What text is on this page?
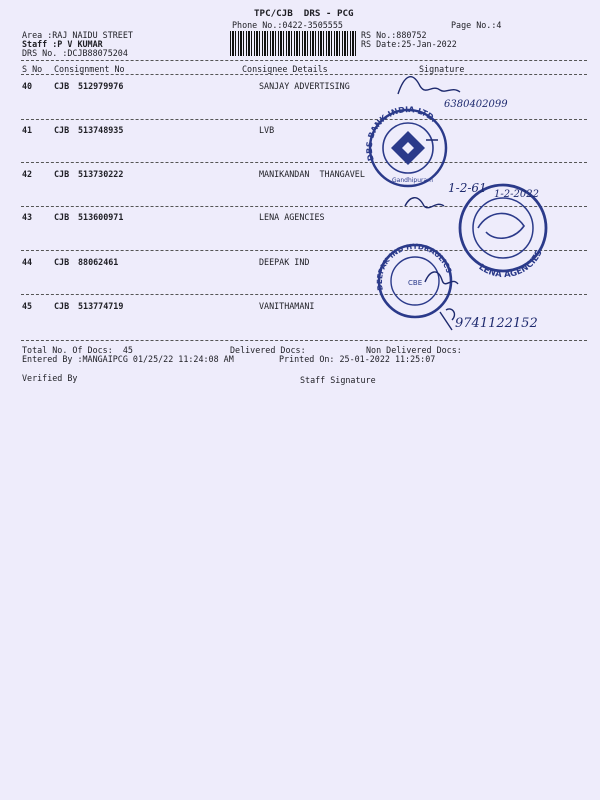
TPC/CJB  DRS - PCG
Phone No.:0422-3505555	Page No.:4
Area :RAJ NAIDU STREET
Staff :P V KUMAR
DRS No. :DCJB88075204
RS No.:880752
RS Date:25-Jan-2022
S No Consignment No	Consignee Details	Signature
40	CJB 512979976	SANJAY ADVERTISING
41	CJB 513748935	LVB
42	CJB 513730222	MANIKANDAN  THANGAVEL
43	CJB 513600971	LENA AGENCIES
44	CJB 88062461	DEEPAK IND
45	CJB 513774719	VANITHAMANI
Total No. Of Docs:  45	Delivered Docs:	Non Delivered Docs:
Entered By :MANGAIPCG 01/25/22 11:24:08 AM	Printed On: 25-01-2022 11:25:07
Verified By	Staff Signature
DBS BANK INDIA LTD.
Gandhipuram
LENA AGENCIES
DEEPAK IND HYDRAULICS
CBE
6380402099
1-2-61 1-2-2022
9741122152
